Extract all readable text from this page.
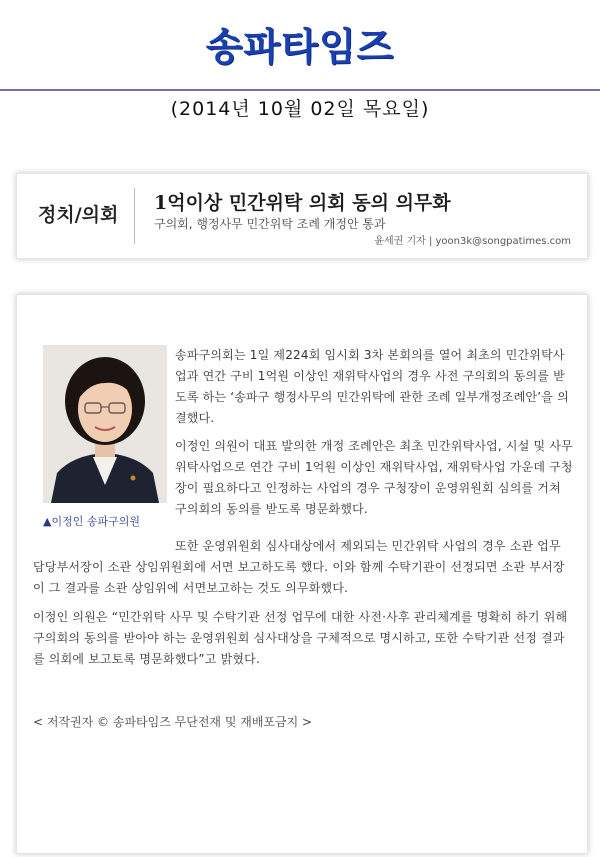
송파타임즈
(2014년 10월 02일 목요일)
정치/의회
1억이상 민간위탁 의회 동의 의무화
구의회, 행정사무 민간위탁 조례 개정안 통과
윤세권 기자 | yoon3k@songpatimes.com
▲이정인 송파구의원
송파구의회는 1일 제224회 임시회 3차 본회의를 열어 최초의 민간위탁사업과 연간 구비 1억원 이상인 재위탁사업의 경우 사전 구의회의 동의를 받도록 하는 ‘송파구 행정사무의 민간위탁에 관한 조례 일부개정조례안’을 의결했다.
이정인 의원이 대표 발의한 개정 조례안은 최초 민간위탁사업, 시설 및 사무위탁사업으로 연간 구비 1억원 이상인 재위탁사업, 재위탁사업 가운데 구청장이 필요하다고 인정하는 사업의 경우 구청장이 운영위원회 심의를 거쳐 구의회의 동의를 받도록 명문화했다.
또한 운영위원회 심사대상에서 제외되는 민간위탁 사업의 경우 소관 업무 담당부서장이 소관 상임위원회에 서면 보고하도록 했다. 이와 함께 수탁기관이 선정되면 소관 부서장이 그 결과를 소관 상임위에 서면보고하는 것도 의무화했다.
이정인 의원은 “민간위탁 사무 및 수탁기관 선정 업무에 대한 사전·사후 관리체계를 명확히 하기 위해 구의회의 동의를 받아야 하는 운영위원회 심사대상을 구체적으로 명시하고, 또한 수탁기관 선정 결과를 의회에 보고토록 명문화했다”고 밝혔다.
< 저작권자 © 송파타임즈 무단전재 및 재배포금지 >
